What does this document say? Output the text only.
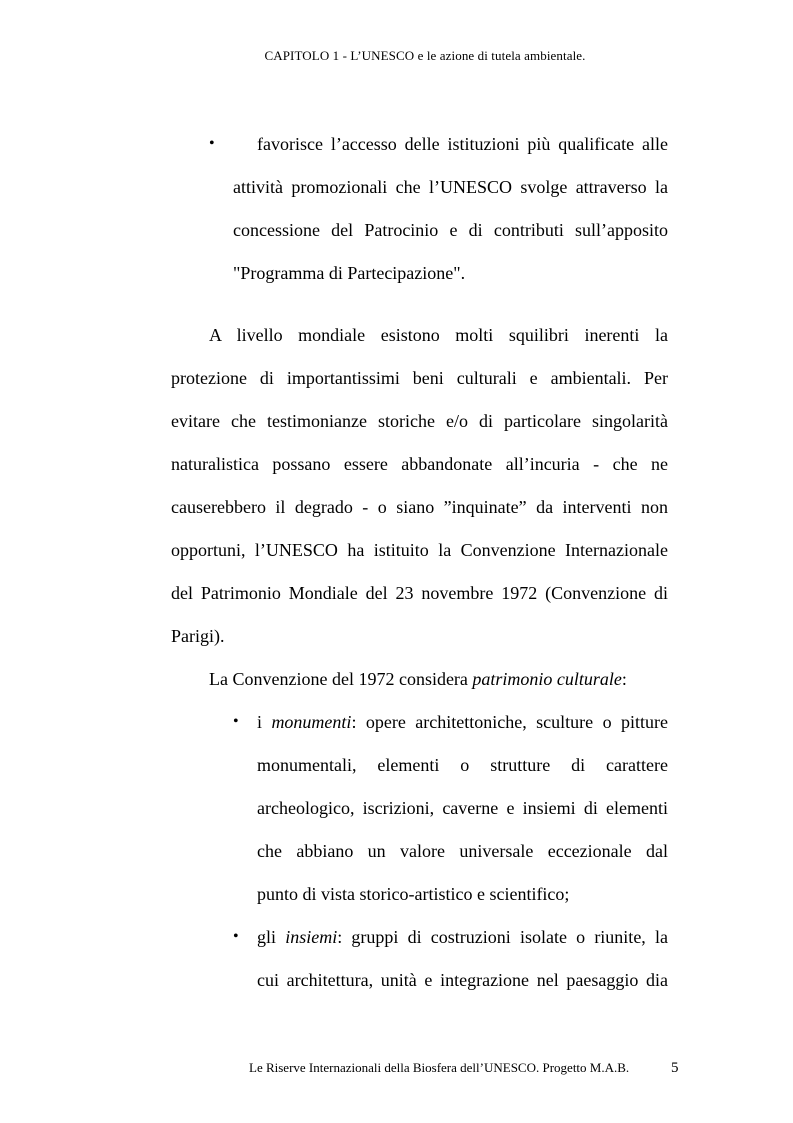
CAPITOLO 1 - L’UNESCO e le azione di tutela ambientale.
• favorisce l’accesso delle istituzioni più qualificate alle
attività promozionali che l’UNESCO svolge attraverso la
concessione del Patrocinio e di contributi sull’apposito
"Programma di Partecipazione".
A livello mondiale esistono molti squilibri inerenti la
protezione di importantissimi beni culturali e ambientali. Per
evitare che testimonianze storiche e/o di particolare singolarità
naturalistica possano essere abbandonate all’incuria - che ne
causerebbero il degrado - o siano ”inquinate” da interventi non
opportuni, l’UNESCO ha istituito la Convenzione Internazionale
del Patrimonio Mondiale del 23 novembre 1972 (Convenzione di
Parigi).
La Convenzione del 1972 considera patrimonio culturale:
• i monumenti: opere architettoniche, sculture o pitture
monumentali, elementi o strutture di carattere
archeologico, iscrizioni, caverne e insiemi di elementi
che abbiano un valore universale eccezionale dal
punto di vista storico-artistico e scientifico;
• gli insiemi: gruppi di costruzioni isolate o riunite, la
cui architettura, unità e integrazione nel paesaggio dia
Le Riserve Internazionali della Biosfera dell’UNESCO. Progetto M.A.B.	5
